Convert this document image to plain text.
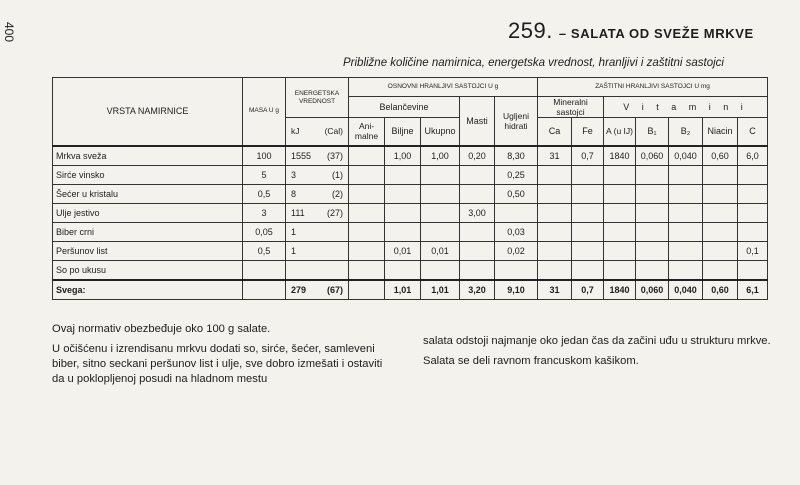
400	259. – SALATA OD SVEŽE MRKVE
Približne količine namirnica, energetska vrednost, hranljivi i zaštitni sastojci
VRSTA NAMIRNICE	MASA U g	ENERGETSKA VREDNOST	OSNOVNI HRANLJIVI SASTOJCI U g					ZAŠTITNI HRANLJIVI SASTOJCI U mg						
			Belančevine			Masti	Ugljeni hidrati	Mineralni sastojci		V i t a m i n i				

		kJ (Cal)	Ani- malne	Biljne	Ukupno			Ca	Fe	A (u IJ)	B₁	B₂	Niacin	C
Mrkva sveža	100	1555 (37)		1,00	1,00	0,20	8,30	31	0,7	1840	0,060	0,040	0,60	6,0
Sirće vinsko	5	3 (1)					0,25							
Šećer u kristalu	0,5	8 (2)					0,50							
Ulje jestivo	3	111 (27)				3,00								
Biber crni	0,05	1					0,03							
Peršunov list	0,5	1		0,01	0,01		0,02							0,1
So po ukusu		

Svega:		279 (67)		1,01	1,01	3,20	9,10	31	0,7	1840	0,060	0,040	0,60	6,1

Ovaj normativ obezbeđuje oko 100 g salate.

U očišćenu i izrendisanu mrkvu dodati so, sirće, šećer, samleveni biber, sitno seckani peršunov list i ulje, sve dobro izmešati i ostaviti da u poklopljenoj posudi na hladnom mestu

salata odstoji najmanje oko jedan čas da začini uđu u strukturu mrkve.

Salata se deli ravnom francuskom kašikom.
